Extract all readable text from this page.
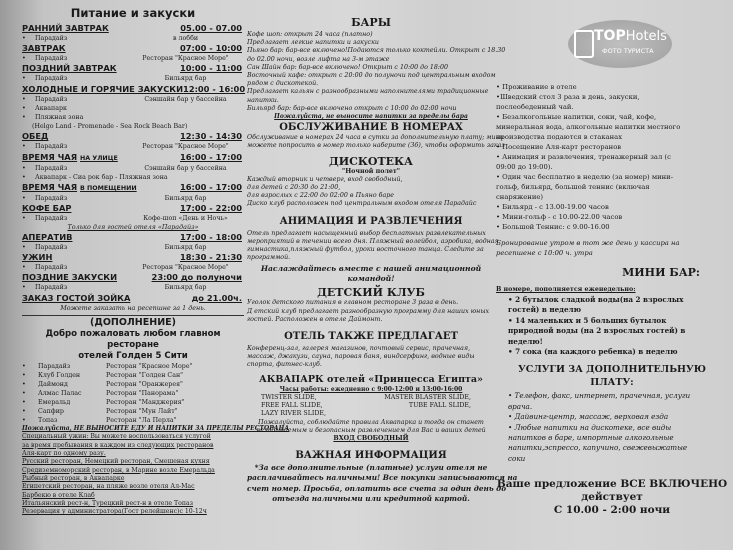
Питание и закуски
РАННИЙ ЗАВТРАК	05.00 - 07.00
•	Парадайз	в лобби
ЗАВТРАК	07:00 - 10:00
•	Парадайз	Ресторан "Красное Море"
ПОЗДНИЙ ЗАВТРАК	10:00 - 11:00
•	Парадайз	Бильярд бар
ХОЛОДНЫЕ И ГОРЯЧИЕ ЗАКУСКИ 12:00 - 16:00
•	Парадайз	Сэншайн бар у бассейна
•	Аквапарк
•	Пляжная зона
(Helgo Land - Promenade - Sea Rock Beach Bar)
ОБЕД	12:30 - 14:30
•	Парадайз	Ресторан "Красное Море"
ВРЕМЯ ЧАЯ НА УЛИЦЕ	16:00 - 17:00
•	Парадайз	Сэншайн бар у бассейна
•	Аквапарк - Сиа рок бар - Пляжная зона
ВРЕМЯ ЧАЯ В ПОМЕЩЕНИИ	16:00 - 17:00
•	Парадайз	Бильярд бар
КОФЕ БАР	17:00 - 22:00
•	Парадайз	Кофе-шоп «День и Ночь»
Только для гостей отеля «Парадайз»
АПЕРАТИВ	17:00 - 18:00
•	Парадайз	Бильярд бар
УЖИН	18:30 - 21:30
•	Парадайз	Ресторан "Красное Море"
ПОЗДНИЕ ЗАКУСКИ	23:00 до полуночи
•	Парадайз	Бильярд бар
ЗАКАЗ ГОСТОЙ ЗОЙКА	до 21.00ч.
Можете заказать на ресепшне за 1 день.
(ДОПОЛНЕНИЕ)
Добро пожаловать любом главном ресторане
отелей Голден 5 Сити
•	Парадайз	Ресторан "Красное Море"
•	Клуб Голден	Ресторан "Голден Сан"
•	Даймонд	Ресторан "Оранжерея"
•	Алмас Палас	Ресторан "Панорама"
•	Емеральд	Ресторан "Манджерия"
•	Сапфир	Ресторан "Мун Лайт"
•	Топаз	Ресторан "Ла Перла"
Пожалуйста, НЕ ВЫНОСИТЕ ЕДУ И НАПИТКИ ЗА ПРЕДЕЛЫ РЕСТОРАНА
Специальный ужин: Вы можете воспользоваться услугой
за время пребывания в каждом из следующих ресторанов
Аля-карт по одному разу.
Русский ресторан, Немецкий ресторан, Смешеная кухня
Средиземноморский ресторан, в Марине возле Емеральда
Рыбный ресторан, в Аквапарке
Египетский ресторан, на пляже возле отеля Ал-Мас
Барбекю в отеле Клаб
Итальянский рест-н, Турецкий рест-н в отеле Топаз
Резервация у администратора(Гост релейшенс)с 10-12ч
БАРЫ
Кофе шоп: открыт 24 часа (платно)
Предлагает легкие напитки и закуски
Пьяно бар: бар-все включено!Подаются только коктейли. Открыт с 18.30
до 02.00 ночи, возле лифта на 3-м этаже
Сан Шайн бар: бар-все включено! Открыт с 10:00 до 18:00
Восточный кафе: открыт с 20:00 до полуночи под центральным входом
рядом с дискотекой.
Предлагает кальян с разнообразными наполнителями традиционные
напитки.
Бильярд бар: бар-все включено открыт с 10:00 до 02:00 ночи
Пожалуйста, не выносите напитки за пределы бара
ОБСЛУЖИВАНИЕ В НОМЕРАХ
Обслуживание в номерах 24 часа в сутки за дополнительную плату; мини
можете попросить в номер только наберите (36), чтобы оформить заказ
ДИСКОТЕКА
"Ночной полет"
Каждый вторник и четверг, вход свободный,
для детей с 20:30 до 21:00,
для взрослых с 22:00 до 02:00 в Пьяно баре
Диско клуб расположен под центральным входом отеля Парадайс
АНИМАЦИЯ И РАЗВЛЕЧЕНИЯ
Отель предлагает насыщенный выбор бесплатных развлекательных
мероприятий в течении всего дня. Пляжный волейбол, аэробика, водная
гимнастика,пляжный футбол, уроки восточного танца. Следите за
программой.
Наслаждайтесь вместе с нашей анимационной
командой!
ДЕТСКИЙ КЛУБ
Уголок детского питания в главном ресторане 3 раза в день.
Д етский клуб предлагает разнообразную программу для наших юных
гостей. Расположен в отеле Даймонт.
ОТЕЛЬ ТАКЖЕ ПРЕДЛАГАЕТ
Конференц-зал, галерея магазинов, почтовый сервис, прачечная,
массаж, джакузи, сауна, паровая баня, виндсерфинг, водные виды
спорта, фитнес-клуб.
АКВАПАРК отелей «Принцесса Египта»
Часы работы: ежедневно с 9:00-12:00 и 13:00-16:00
TWISTER SLIDE,	MASTER BLASTER SLIDE,
FREE FALL SLIDE,	TUBE FALL SLIDE,
LAZY RIVER SLIDE,
Пожалуйста, соблюдайте правила Аквапарка и тогда он станет
незабываемым и безопасным развлечением для Вас и ваших детей
ВХОД СВОБОДНЫЙ
ВАЖНАЯ ИНФОРМАЦИЯ
*За все дополнительные (платные) услуги отеля не
расплачивайтесь наличными! Все покупки записываются на
счет номер. Просьба, оплатить все счета за один день до
отъезда наличными или кредитной картой.
TOPHotels
ФОТО ТУРИСТА
• Проживание в отеле
•Шведский стол 3 раза в день, закуски,
послеобеденный чай.
• Безалкогольные напитки, соки, чай, кофе,
минеральная вода, алкогольные напитки местного
производства подаются в стаканах
• Посещение Аля-карт ресторанов
• Анимация и развлечения, тренажерный зал (с
09:00 до 19:00).
• Один час бесплатно в неделю (за номер) мини-
гольф, бильярд, большой теннис (включая
снаряжение)
• Бильярд - с 13.00-19.00 часов
• Мини-гольф - с 10.00-22.00 часов
• Большой Теннис: с 9.00-16.00
Бронирование утром в тот же день у кассира на
ресепшене с 10:00 ч. утра
МИНИ БАР:
В номере, пополняется еженедельно:
• 2 бутылок сладкой воды(на 2 взрослых
гостей) в неделю
• 14 маленьких и 5 больших бутылок
природной воды (на 2 взрослых гостей) в
неделю!
• 7 сока (на каждого ребенка) в неделю
УСЛУГИ ЗА ДОПОЛНИТЕЛЬНУЮ ПЛАТУ:
• Телефон, факс, интернет, прачечная, услуги
врача.
• Дайвинг-центр, массаж, верховая езда
• Любые напитки на дискотеке, все виды
напитков в баре, импортные алкогольные
напитки,эспрессо, капучино, свежевыжатые
соки
Ваше предложение ВСЕ ВКЛЮЧЕНО
действует
С 10.00 - 2:00 ночи
